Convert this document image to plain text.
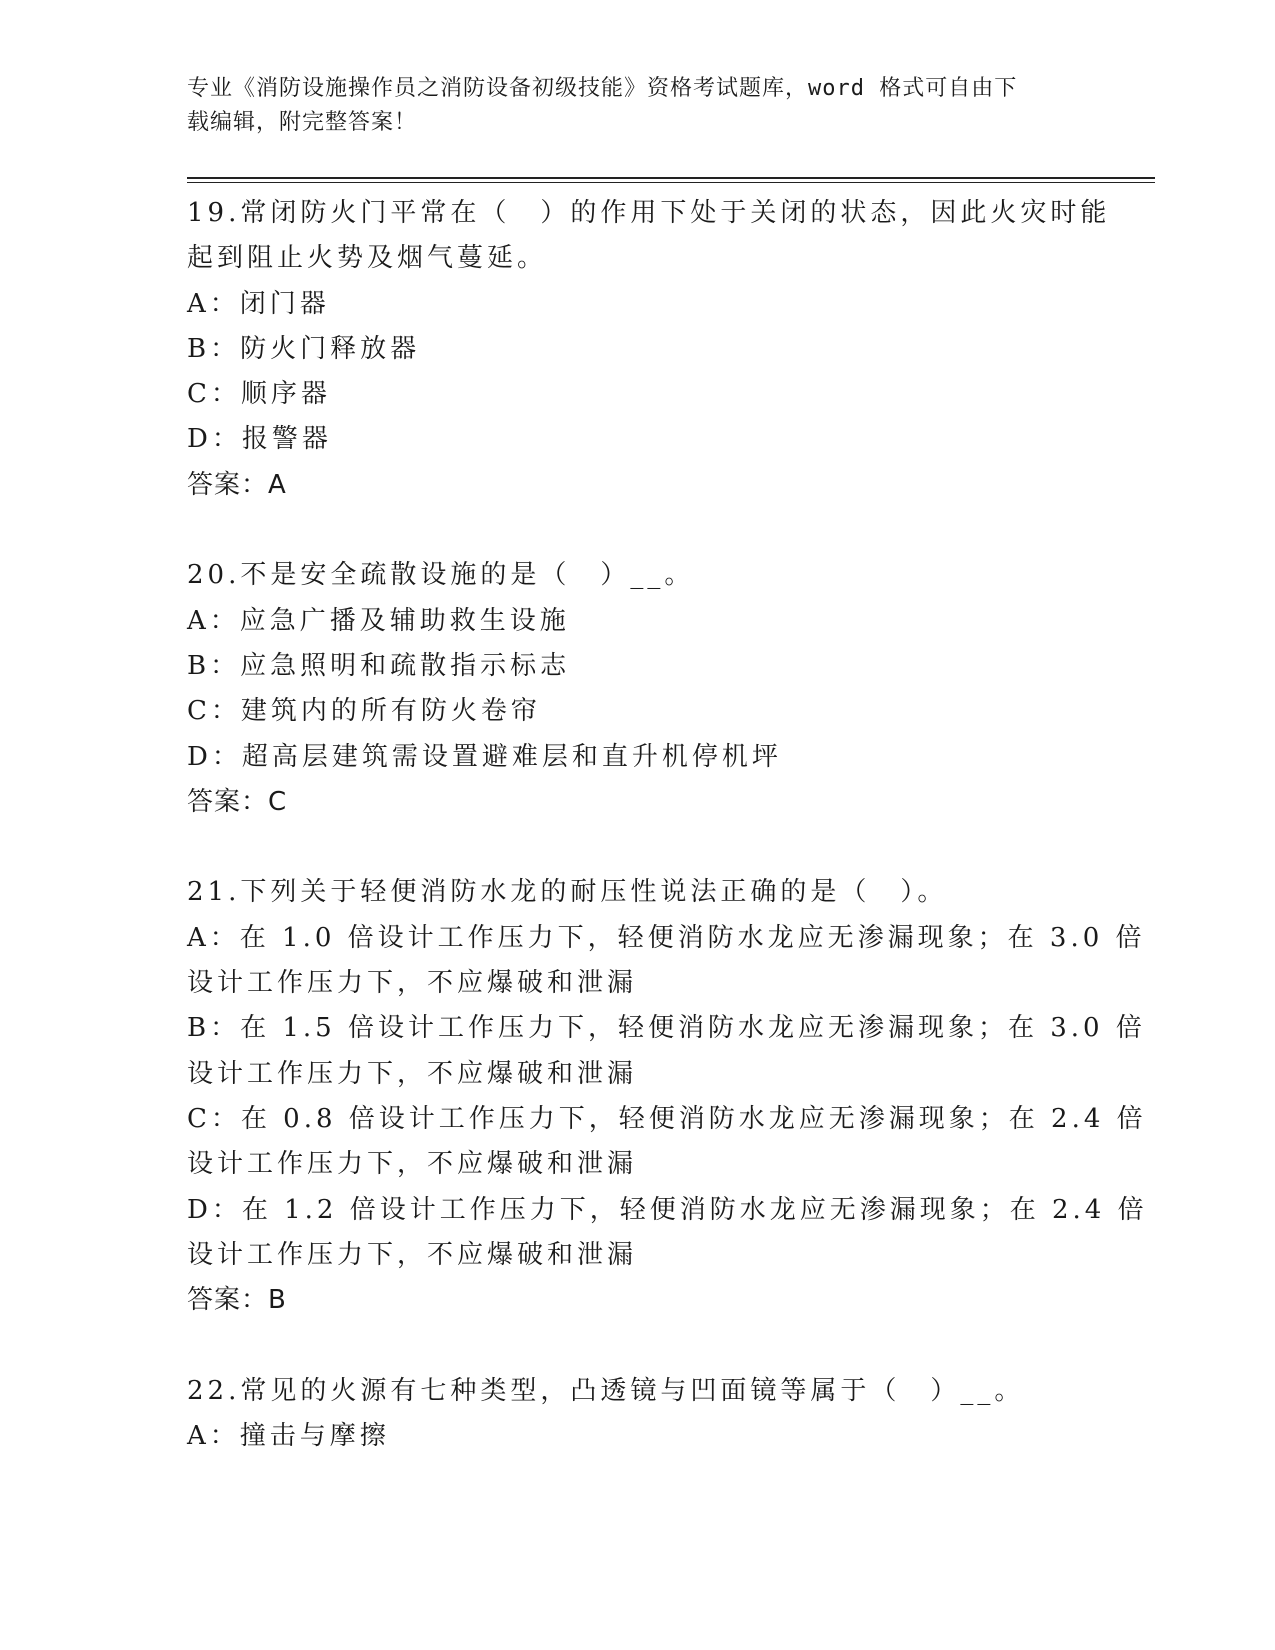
专业《消防设施操作员之消防设备初级技能》资格考试题库，word 格式可自由下
载编辑，附完整答案！
19.常闭防火门平常在（　）的作用下处于关闭的状态，因此火灾时能
起到阻止火势及烟气蔓延。
A：闭门器
B：防火门释放器
C：顺序器
D：报警器
答案：A
20.不是安全疏散设施的是（　）__。
A：应急广播及辅助救生设施
B：应急照明和疏散指示标志
C：建筑内的所有防火卷帘
D：超高层建筑需设置避难层和直升机停机坪
答案：C
21.下列关于轻便消防水龙的耐压性说法正确的是（　）。
A：在 1.0 倍设计工作压力下，轻便消防水龙应无渗漏现象；在 3.0 倍
设计工作压力下，不应爆破和泄漏
B：在 1.5 倍设计工作压力下，轻便消防水龙应无渗漏现象；在 3.0 倍
设计工作压力下，不应爆破和泄漏
C：在 0.8 倍设计工作压力下，轻便消防水龙应无渗漏现象；在 2.4 倍
设计工作压力下，不应爆破和泄漏
D：在 1.2 倍设计工作压力下，轻便消防水龙应无渗漏现象；在 2.4 倍
设计工作压力下，不应爆破和泄漏
答案：B
22.常见的火源有七种类型，凸透镜与凹面镜等属于（　）__。
A：撞击与摩擦
